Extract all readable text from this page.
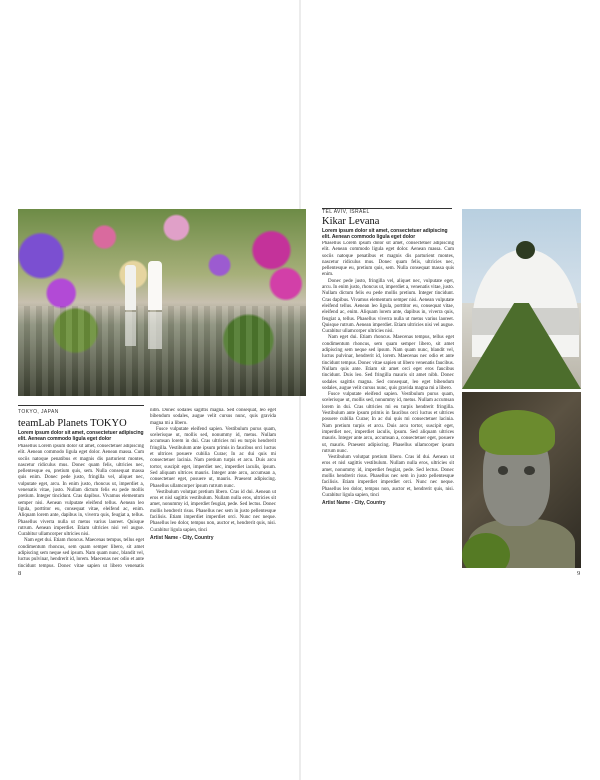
TOKYO, JAPAN
teamLab Planets TOKYO
Lorem ipsum dolor sit amet, consectetuer adipiscing elit. Aenean commodo ligula eget dolor

Phasellus Lorem ipsum dolor sit amet, consectetuer adipiscing elit. Aenean commodo ligula eget dolor. Aenean massa. Cum sociis natoque penatibus et magnis dis parturient montes, nascetur ridiculus mus. Donec quam felis, ultricies nec, pellentesque eu, pretium quis, sem. Nulla consequat massa quis enim. Donec pede justo, fringilla vel, aliquet nec, vulputate eget, arcu. In enim justo, rhoncus ut, imperdiet a, venenatis vitae, justo. Nullam dictum felis eu pede mollis pretium. Integer tincidunt. Cras dapibus. Vivamus elementum semper nisi. Aenean vulputate eleifend tellus. Aenean leo ligula, porttitor eu, consequat vitae, eleifend ac, enim. Aliquam lorem ante, dapibus in, viverra quis, feugiat a, tellus. Phasellus viverra nulla ut metus varius laoreet. Quisque rutrum. Aenean imperdiet. Etiam ultricies nisi vel augue. Curabitur ullamcorper ultricies nisi.

Nam eget dui. Etiam rhoncus. Maecenas tempus, tellus eget condimentum rhoncus, sem quam semper libero, sit amet adipiscing sem neque sed ipsum. Nam quam nunc, blandit vel, luctus pulvinar, hendrerit id, lorem. Maecenas nec odio et ante tincidunt tempus. Donec vitae sapien ut libero venenatis

nibh. Donec sodales sagittis magna. Sed consequat, leo eget bibendum sodales, augue velit cursus nunc, quis gravida magna mi a libero.

Fusce vulputate eleifend sapien. Vestibulum purus quam, scelerisque ut, mollis sed, nonummy id, metus. Nullam accumsan lorem in dui. Cras ultricies mi eu turpis hendrerit fringilla. Vestibulum ante ipsum primis in faucibus orci luctus et ultrices posuere cubilia Curae; In ac dui quis mi consectetuer lacinia. Nam pretium turpis et arcu. Duis arcu tortor, suscipit eget, imperdiet nec, imperdiet iaculis, ipsum. Sed aliquam ultrices mauris. Integer ante arcu, accumsan a, consectetuer eget, posuere ut, mauris. Praesent adipiscing. Phasellus ullamcorper ipsum rutrum nunc.

Vestibulum volutpat pretium libero. Cras id dui. Aenean ut eros et nisl sagittis vestibulum. Nullam nulla eros, ultricies sit amet, nonummy id, imperdiet feugiat, pede. Sed lectus. Donec mollis hendrerit risus. Phasellus nec sem in justo pellentesque facilisis. Etiam imperdiet imperdiet orci. Nunc nec neque. Phasellus leo dolor, tempus non, auctor et, hendrerit quis, nisi. Curabitur ligula sapien, tinci

Artist Name - City, Country
8
TEL AVIV, ISRAEL
Kikar Levana
Lorem ipsum dolor sit amet, consectetuer adipiscing elit. Aenean commodo ligula eget dolor

Phasellus Lorem ipsum dolor sit amet, consectetuer adipiscing elit. Aenean commodo ligula eget dolor. Aenean massa. Cum sociis natoque penatibus et magnis dis parturient montes, nascetur ridiculus mus. Donec quam felis, ultricies nec, pellentesque eu, pretium quis, sem. Nulla consequat massa quis enim.

Donec pede justo, fringilla vel, aliquet nec, vulputate eget, arcu. In enim justo, rhoncus ut, imperdiet a, venenatis vitae, justo. Nullam dictum felis eu pede mollis pretium. Integer tincidunt. Cras dapibus. Vivamus elementum semper nisi. Aenean vulputate eleifend tellus. Aenean leo ligula, porttitor eu, consequat vitae, eleifend ac, enim. Aliquam lorem ante, dapibus in, viverra quis, feugiat a, tellus. Phasellus viverra nulla ut metus varius laoreet. Quisque rutrum. Aenean imperdiet. Etiam ultricies nisi vel augue. Curabitur ullamcorper ultricies nisi.

Nam eget dui. Etiam rhoncus. Maecenas tempus, tellus eget condimentum rhoncus, sem quam semper libero, sit amet adipiscing sem neque sed ipsum. Nam quam nunc, blandit vel, luctus pulvinar, hendrerit id, lorem. Maecenas nec odio et ante tincidunt tempus. Donec vitae sapien ut libero venenatis faucibus. Nullam quis ante. Etiam sit amet orci eget eros faucibus tincidunt. Duis leo. Sed fringilla mauris sit amet nibh. Donec sodales sagittis magna. Sed consequat, leo eget bibendum sodales, augue velit cursus nunc, quis gravida magna mi a libero.

Fusce vulputate eleifend sapien. Vestibulum purus quam, scelerisque ut, mollis sed, nonummy id, metus. Nullam accumsan lorem in dui. Cras ultricies mi eu turpis hendrerit fringilla. Vestibulum ante ipsum primis in faucibus orci luctus et ultrices posuere cubilia Curae; In ac dui quis mi consectetuer lacinia. Nam pretium turpis et arcu. Duis arcu tortor, suscipit eget, imperdiet nec, imperdiet iaculis, ipsum. Sed aliquam ultrices mauris. Integer ante arcu, accumsan a, consectetuer eget, posuere ut, mauris. Praesent adipiscing. Phasellus ullamcorper ipsum rutrum nunc.

Vestibulum volutpat pretium libero. Cras id dui. Aenean ut eros et nisl sagittis vestibulum. Nullam nulla eros, ultricies sit amet, nonummy id, imperdiet feugiat, pede. Sed lectus. Donec mollis hendrerit risus. Phasellus nec sem in justo pellentesque facilisis. Etiam imperdiet imperdiet orci. Nunc nec neque. Phasellus leo dolor, tempus non, auctor et, hendrerit quis, nisi. Curabitur ligula sapien, tinci

Artist Name - City, Country
9
